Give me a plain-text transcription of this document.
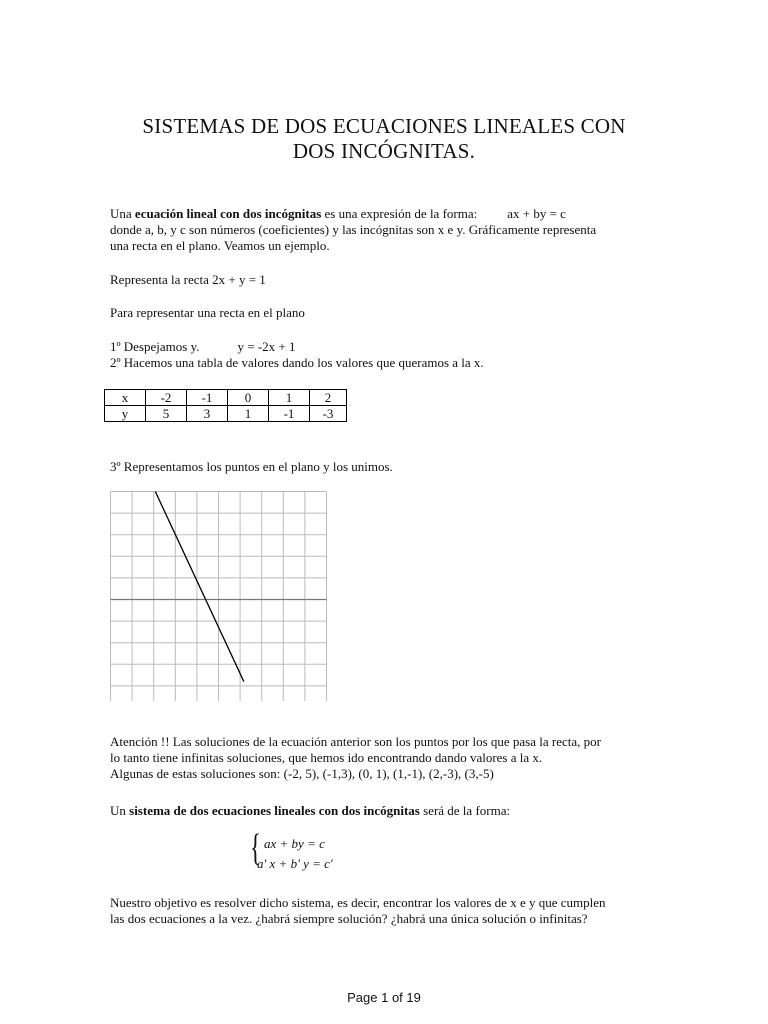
SISTEMAS DE DOS ECUACIONES LINEALES CON
DOS INCÓGNITAS.
Una ecuación lineal con dos incógnitas es una expresión de la forma: ax + by = c
donde a, b, y c son números (coeficientes) y las incógnitas son x e y. Gráficamente representa
una recta en el plano. Veamos un ejemplo.
Representa la recta 2x + y = 1
Para representar una recta en el plano
1º Despejamos y.	y = -2x + 1
2º Hacemos una tabla de valores dando los valores que queramos a la x.
x	-2	-1	0	1	2
y	5	3	1	-1	-3
3º Representamos los puntos en el plano y los unimos.
Atención !! Las soluciones de la ecuación anterior son los puntos por los que pasa la recta, por
lo tanto tiene infinitas soluciones, que hemos ido encontrando dando valores a la x.
Algunas de estas soluciones son: (-2, 5), (-1,3), (0, 1), (1,-1), (2,-3), (3,-5)
Un sistema de dos ecuaciones lineales con dos incógnitas será de la forma:
{ ax + by = c
a' x + b' y = c'
Nuestro objetivo es resolver dicho sistema, es decir, encontrar los valores de x e y que cumplen
las dos ecuaciones a la vez. ¿habrá siempre solución? ¿habrá una única solución o infinitas?
Page 1 of 19
